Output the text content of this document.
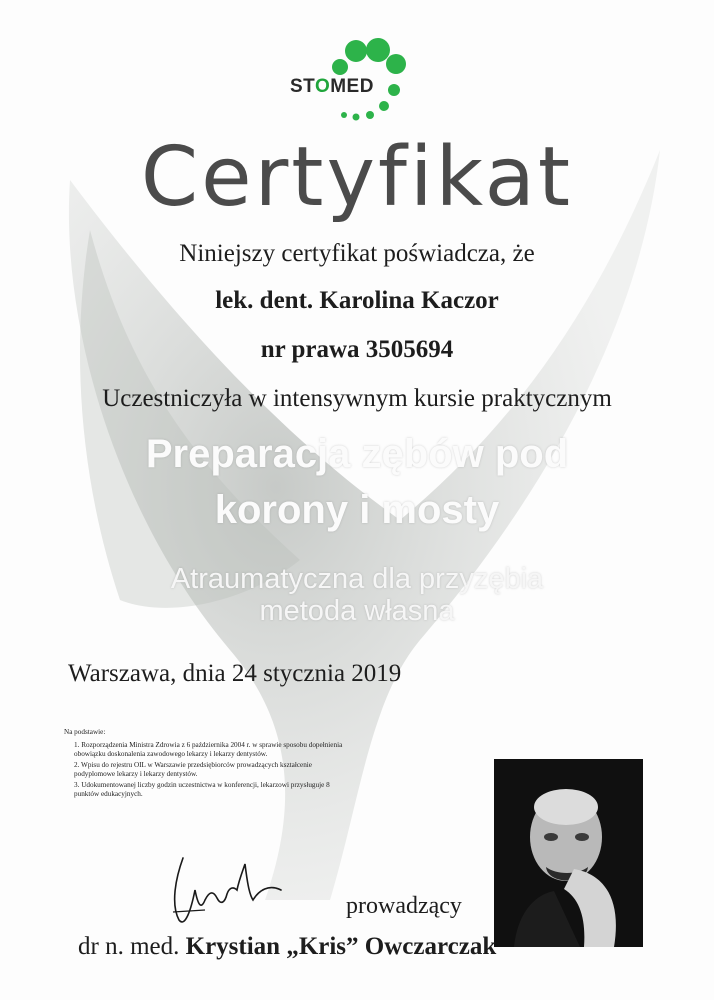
STOMED
Certyfikat
Niniejszy certyfikat poświadcza, że
lek. dent. Karolina Kaczor
nr prawa 3505694
Uczestniczyła w intensywnym kursie praktycznym
Preparacja zębów pod
korony i mosty
Atraumatyczna dla przyzębia
metoda własna
Warszawa, dnia 24 stycznia 2019
Na podstawie:
1. Rozporządzenia Ministra Zdrowia z 6 października 2004 r. w sprawie sposobu dopełnienia obowiązku doskonalenia zawodowego lekarzy i lekarzy dentystów.
2. Wpisu do rejestru OIL w Warszawie przedsiębiorców prowadzących kształcenie podyplomowe lekarzy i lekarzy dentystów.
3. Udokumentowanej liczby godzin uczestnictwa w konferencji, lekarzowi przysługuje 8 punktów edukacyjnych.
prowadzący
dr n. med. Krystian „Kris” Owczarczak
